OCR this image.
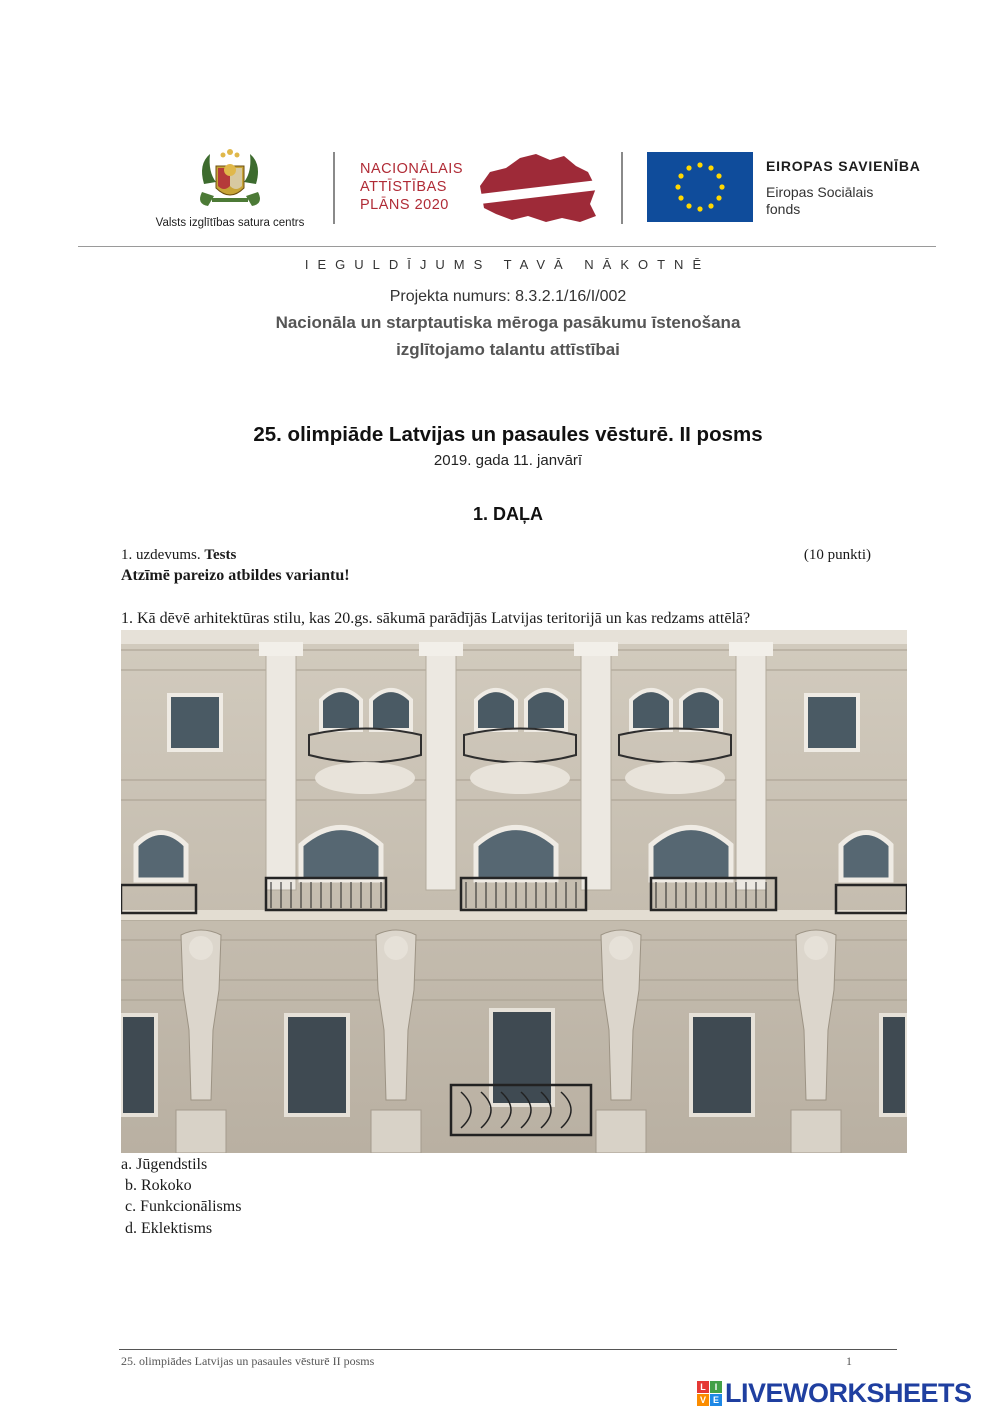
Valsts izglītības satura centrs
NACIONĀLAIS
ATTĪSTĪBAS
PLĀNS 2020
EIROPAS SAVIENĪBA
Eiropas Sociālais
fonds
IEGULDĪJUMS TAVĀ NĀKOTNĒ
Projekta numurs: 8.3.2.1/16/I/002
Nacionāla un starptautiska mēroga pasākumu īstenošana
izglītojamo talantu attīstībai
25. olimpiāde Latvijas un pasaules vēsturē. II posms
2019. gada 11. janvārī
1. DAĻA
1. uzdevums. Tests	(10 punkti)
Atzīmē pareizo atbildes variantu!
1. Kā dēvē arhitektūras stilu, kas 20.gs. sākumā parādījās Latvijas teritorijā un kas redzams attēlā?
a. Jūgendstils
b. Rokoko
c. Funkcionālisms
d. Eklektisms
25. olimpiādes Latvijas un pasaules vēsturē II posms	1
L I
V E LIVEWORKSHEETS
